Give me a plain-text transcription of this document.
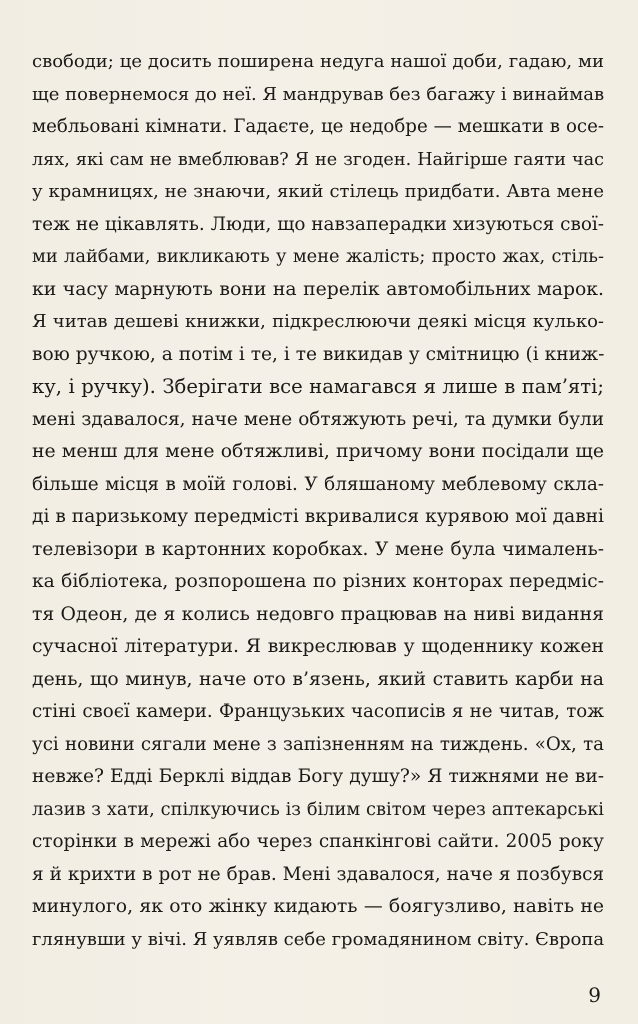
свободи; це досить поширена недуга нашої доби, гадаю, ми
ще повернемося до неї. Я мандрував без багажу і винаймав
мебльовані кімнати. Гадаєте, це недобре — мешкати в осе-
лях, які сам не вмеблював? Я не згоден. Найгірше гаяти час
у крамницях, не знаючи, який стілець придбати. Авта мене
теж не цікавлять. Люди, що навзаперадки хизуються свої-
ми лайбами, викликають у мене жалість; просто жах, стіль-
ки часу марнують вони на перелік автомобільних марок.
Я читав дешеві книжки, підкреслюючи деякі місця кулько-
вою ручкою, а потім і те, і те викидав у смітницю (і книж-
ку, і ручку). Зберігати все намагався я лише в пам’яті;
мені здавалося, наче мене обтяжують речі, та думки були
не менш для мене обтяжливі, причому вони посідали ще
більше місця в моїй голові. У бляшаному меблевому скла-
ді в паризькому передмісті вкривалися курявою мої давні
телевізори в картонних коробках. У мене була чималень-
ка бібліотека, розпорошена по різних конторах передміс-
тя Одеон, де я колись недовго працював на ниві видання
сучасної літератури. Я викреслював у щоденнику кожен
день, що минув, наче ото в’язень, який ставить карби на
стіні своєї камери. Французьких часописів я не читав, тож
усі новини сягали мене з запізненням на тиждень. «Ох, та
невже? Едді Берклі віддав Богу душу?» Я тижнями не ви-
лазив з хати, спілкуючись із білим світом через аптекарські
сторінки в мережі або через спанкінгові сайти. 2005 року
я й крихти в рот не брав. Мені здавалося, наче я позбувся
минулого, як ото жінку кидають — боягузливо, навіть не
глянувши у вічі. Я уявляв себе громадянином світу. Європа
9
